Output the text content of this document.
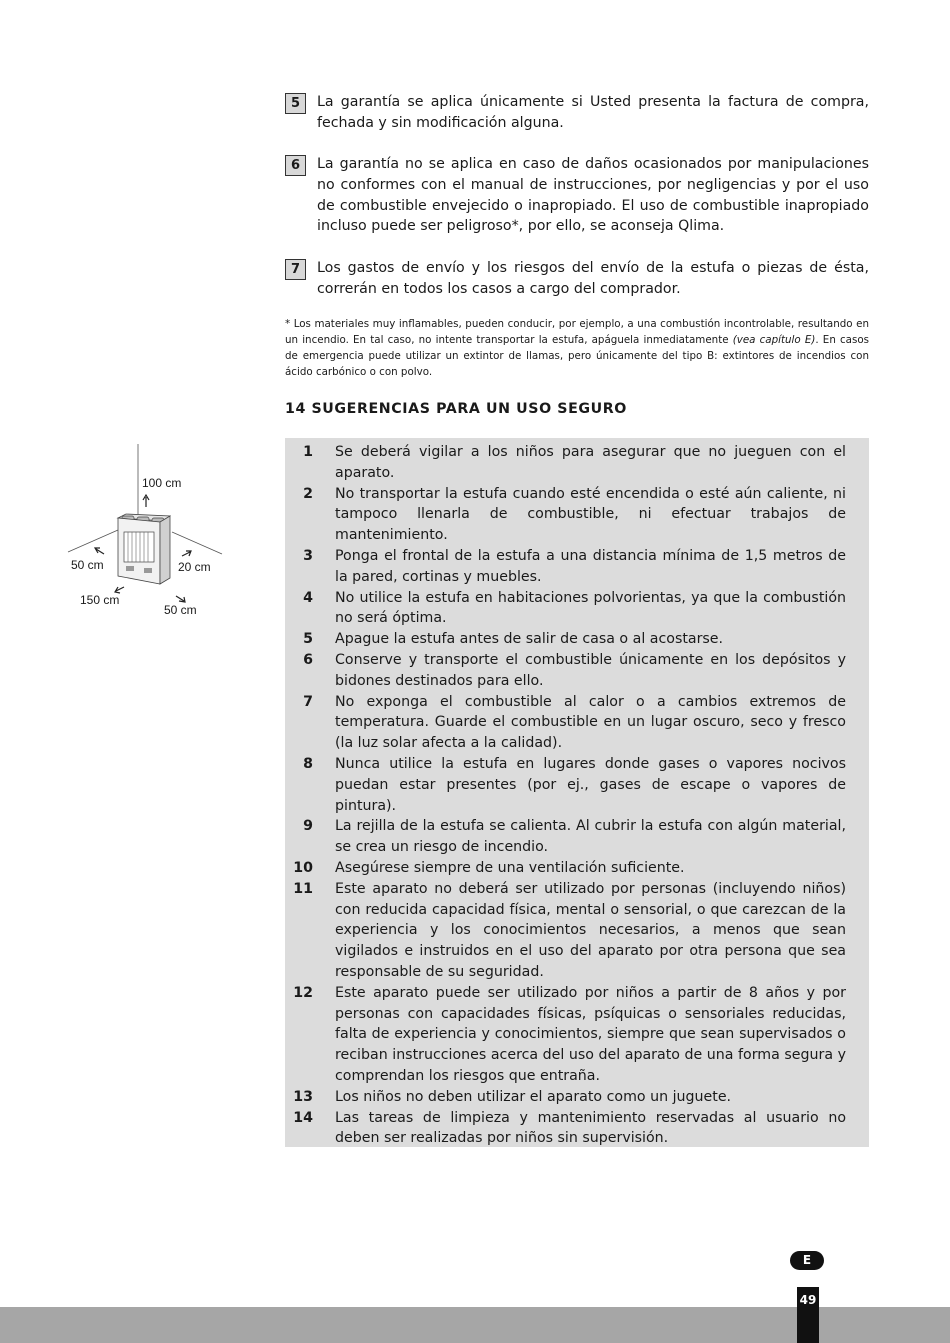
5	La garantía se aplica únicamente si Usted presenta la factura de compra, fechada y sin modificación alguna.
6	La garantía no se aplica en caso de daños ocasionados por manipulaciones no conformes con el manual de instrucciones, por negligencias y por el uso de combustible envejecido o inapropiado. El uso de combustible inapropiado incluso puede ser peligroso*, por ello, se aconseja Qlima.
7	Los gastos de envío y los riesgos del envío de la estufa o piezas de ésta, correrán en todos los casos a cargo del comprador.
* Los materiales muy inflamables, pueden conducir, por ejemplo, a una combustión incontrolable, resultando en un incendio. En tal caso, no intente transportar la estufa, apáguela inmediatamente (vea capítulo E). En casos de emergencia puede utilizar un extintor de llamas, pero únicamente del tipo B: extintores de incendios con ácido carbónico o con polvo.
14 SUGERENCIAS PARA UN USO SEGURO
100 cm
50 cm	20 cm
150 cm
50 cm
1 Se deberá vigilar a los niños para asegurar que no jueguen con el aparato.
2 No transportar la estufa cuando esté encendida o esté aún caliente, ni tampoco llenarla de combustible, ni efectuar trabajos de mantenimiento.
3 Ponga el frontal de la estufa a una distancia mínima de 1,5 metros de la pared, cortinas y muebles.
4 No utilice la estufa en habitaciones polvorientas, ya que la combustión no será óptima.
5 Apague la estufa antes de salir de casa o al acostarse.
6 Conserve y transporte el combustible únicamente en los depósitos y bidones destinados para ello.
7 No exponga el combustible al calor o a cambios extremos de temperatura. Guarde el combustible en un lugar oscuro, seco y fresco (la luz solar afecta a la calidad).
8 Nunca utilice la estufa en lugares donde gases o vapores nocivos puedan estar presentes (por ej., gases de escape o vapores de pintura).
9 La rejilla de la estufa se calienta. Al cubrir la estufa con algún material, se crea un riesgo de incendio.
10 Asegúrese siempre de una ventilación suficiente.
11 Este aparato no deberá ser utilizado por personas (incluyendo niños) con reducida capacidad física, mental o sensorial, o que carezcan de la experiencia y los conocimientos necesarios, a menos que sean vigilados e instruidos en el uso del aparato por otra persona que sea responsable de su seguridad.
12 Este aparato puede ser utilizado por niños a partir de 8 años y por personas con capacidades físicas, psíquicas o sensoriales reducidas, falta de experiencia y conocimientos, siempre que sean supervisados o reciban instrucciones acerca del uso del aparato de una forma segura y comprendan los riesgos que entraña.
13 Los niños no deben utilizar el aparato como un juguete.
14 Las tareas de limpieza y mantenimiento reservadas al usuario no deben ser realizadas por niños sin supervisión.
E
49
